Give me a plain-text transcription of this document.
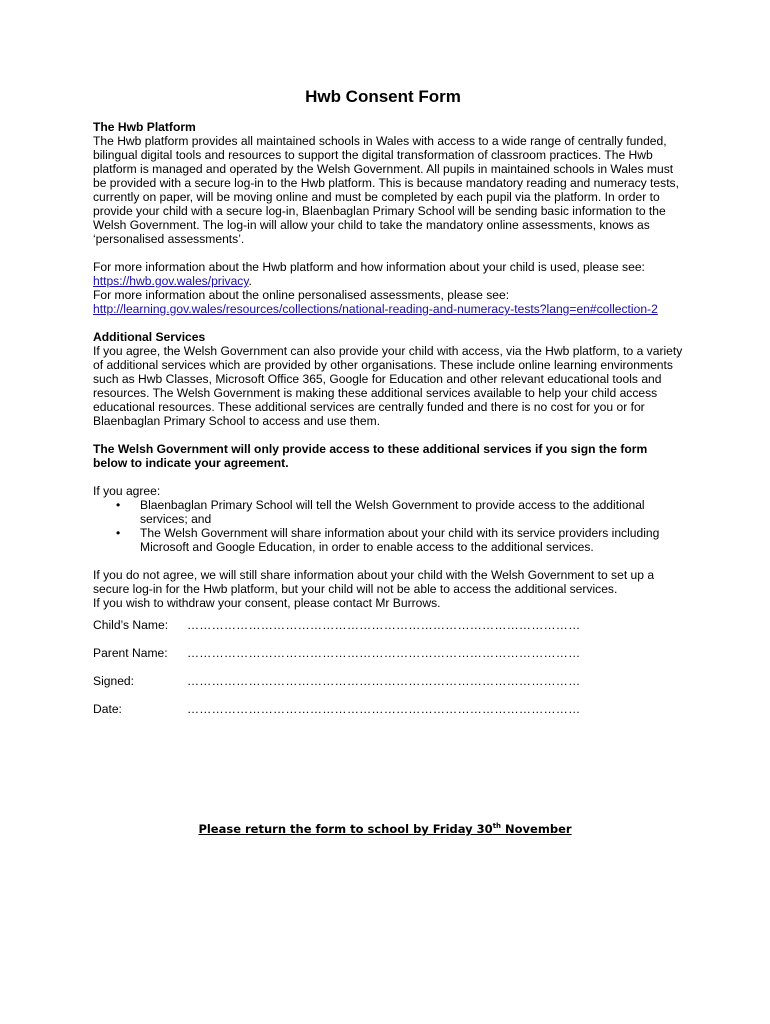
Hwb Consent Form

The Hwb Platform

The Hwb platform provides all maintained schools in Wales with access to a wide range of centrally funded, bilingual digital tools and resources to support the digital transformation of classroom practices. The Hwb platform is managed and operated by the Welsh Government. All pupils in maintained schools in Wales must be provided with a secure log-in to the Hwb platform. This is because mandatory reading and numeracy tests, currently on paper, will be moving online and must be completed by each pupil via the platform. In order to provide your child with a secure log-in, Blaenbaglan Primary School will be sending basic information to the Welsh Government. The log-in will allow your child to take the mandatory online assessments, knows as ‘personalised assessments’.

For more information about the Hwb platform and how information about your child is used, please see: https://hwb.gov.wales/privacy.

For more information about the online personalised assessments, please see:

http://learning.gov.wales/resources/collections/national-reading-and-numeracy-tests?lang=en#collection-2

Additional Services

If you agree, the Welsh Government can also provide your child with access, via the Hwb platform, to a variety of additional services which are provided by other organisations. These include online learning environments such as Hwb Classes, Microsoft Office 365, Google for Education and other relevant educational tools and resources. The Welsh Government is making these additional services available to help your child access educational resources. These additional services are centrally funded and there is no cost for you or for Blaenbaglan Primary School to access and use them.

The Welsh Government will only provide access to these additional services if you sign the form below to indicate your agreement.

If you agree:

• Blaenbaglan Primary School will tell the Welsh Government to provide access to the additional services; and
• The Welsh Government will share information about your child with its service providers including Microsoft and Google Education, in order to enable access to the additional services.

If you do not agree, we will still share information about your child with the Welsh Government to set up a secure log-in for the Hwb platform, but your child will not be able to access the additional services.

If you wish to withdraw your consent, please contact Mr Burrows.

Child’s Name:	……………………………………………………………………………………
Parent Name:	……………………………………………………………………………………
Signed:	……………………………………………………………………………………
Date:	……………………………………………………………………………………
Please return the form to school by Friday 30th November
